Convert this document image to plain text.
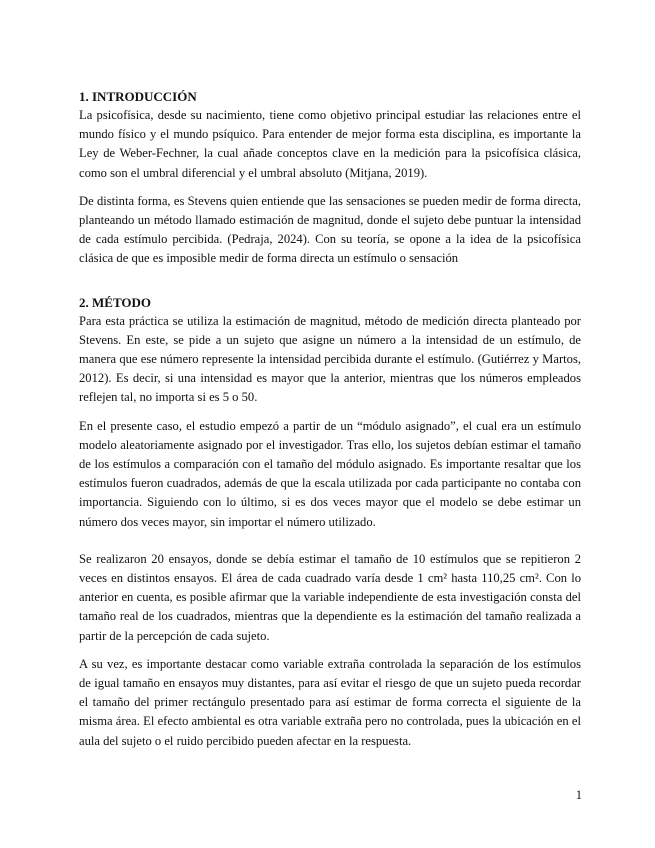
1. INTRODUCCIÓN

La psicofísica, desde su nacimiento, tiene como objetivo principal estudiar las relaciones entre el mundo físico y el mundo psíquico. Para entender de mejor forma esta disciplina, es importante la Ley de Weber-Fechner, la cual añade conceptos clave en la medición para la psicofísica clásica, como son el umbral diferencial y el umbral absoluto (Mitjana, 2019).

De distinta forma, es Stevens quien entiende que las sensaciones se pueden medir de forma directa, planteando un método llamado estimación de magnitud, donde el sujeto debe puntuar la intensidad de cada estímulo percibida. (Pedraja, 2024). Con su teoría, se opone a la idea de la psicofísica clásica de que es imposible medir de forma directa un estímulo o sensación

2. MÉTODO

Para esta práctica se utiliza la estimación de magnitud, método de medición directa planteado por Stevens. En este, se pide a un sujeto que asigne un número a la intensidad de un estímulo, de manera que ese número represente la intensidad percibida durante el estímulo. (Gutiérrez y Martos, 2012). Es decir, si una intensidad es mayor que la anterior, mientras que los números empleados reflejen tal, no importa si es 5 o 50.

En el presente caso, el estudio empezó a partir de un “módulo asignado”, el cual era un estímulo modelo aleatoriamente asignado por el investigador. Tras ello, los sujetos debían estimar el tamaño de los estímulos a comparación con el tamaño del módulo asignado. Es importante resaltar que los estímulos fueron cuadrados, además de que la escala utilizada por cada participante no contaba con importancia. Siguiendo con lo último, si es dos veces mayor que el modelo se debe estimar un número dos veces mayor, sin importar el número utilizado.

Se realizaron 20 ensayos, donde se debía estimar el tamaño de 10 estímulos que se repitieron 2 veces en distintos ensayos. El área de cada cuadrado varía desde 1 cm² hasta 110,25 cm². Con lo anterior en cuenta, es posible afirmar que la variable independiente de esta investigación consta del tamaño real de los cuadrados, mientras que la dependiente es la estimación del tamaño realizada a partir de la percepción de cada sujeto.

A su vez, es importante destacar como variable extraña controlada la separación de los estímulos de igual tamaño en ensayos muy distantes, para así evitar el riesgo de que un sujeto pueda recordar el tamaño del primer rectángulo presentado para así estimar de forma correcta el siguiente de la misma área. El efecto ambiental es otra variable extraña pero no controlada, pues la ubicación en el aula del sujeto o el ruido percibido pueden afectar en la respuesta.

1
